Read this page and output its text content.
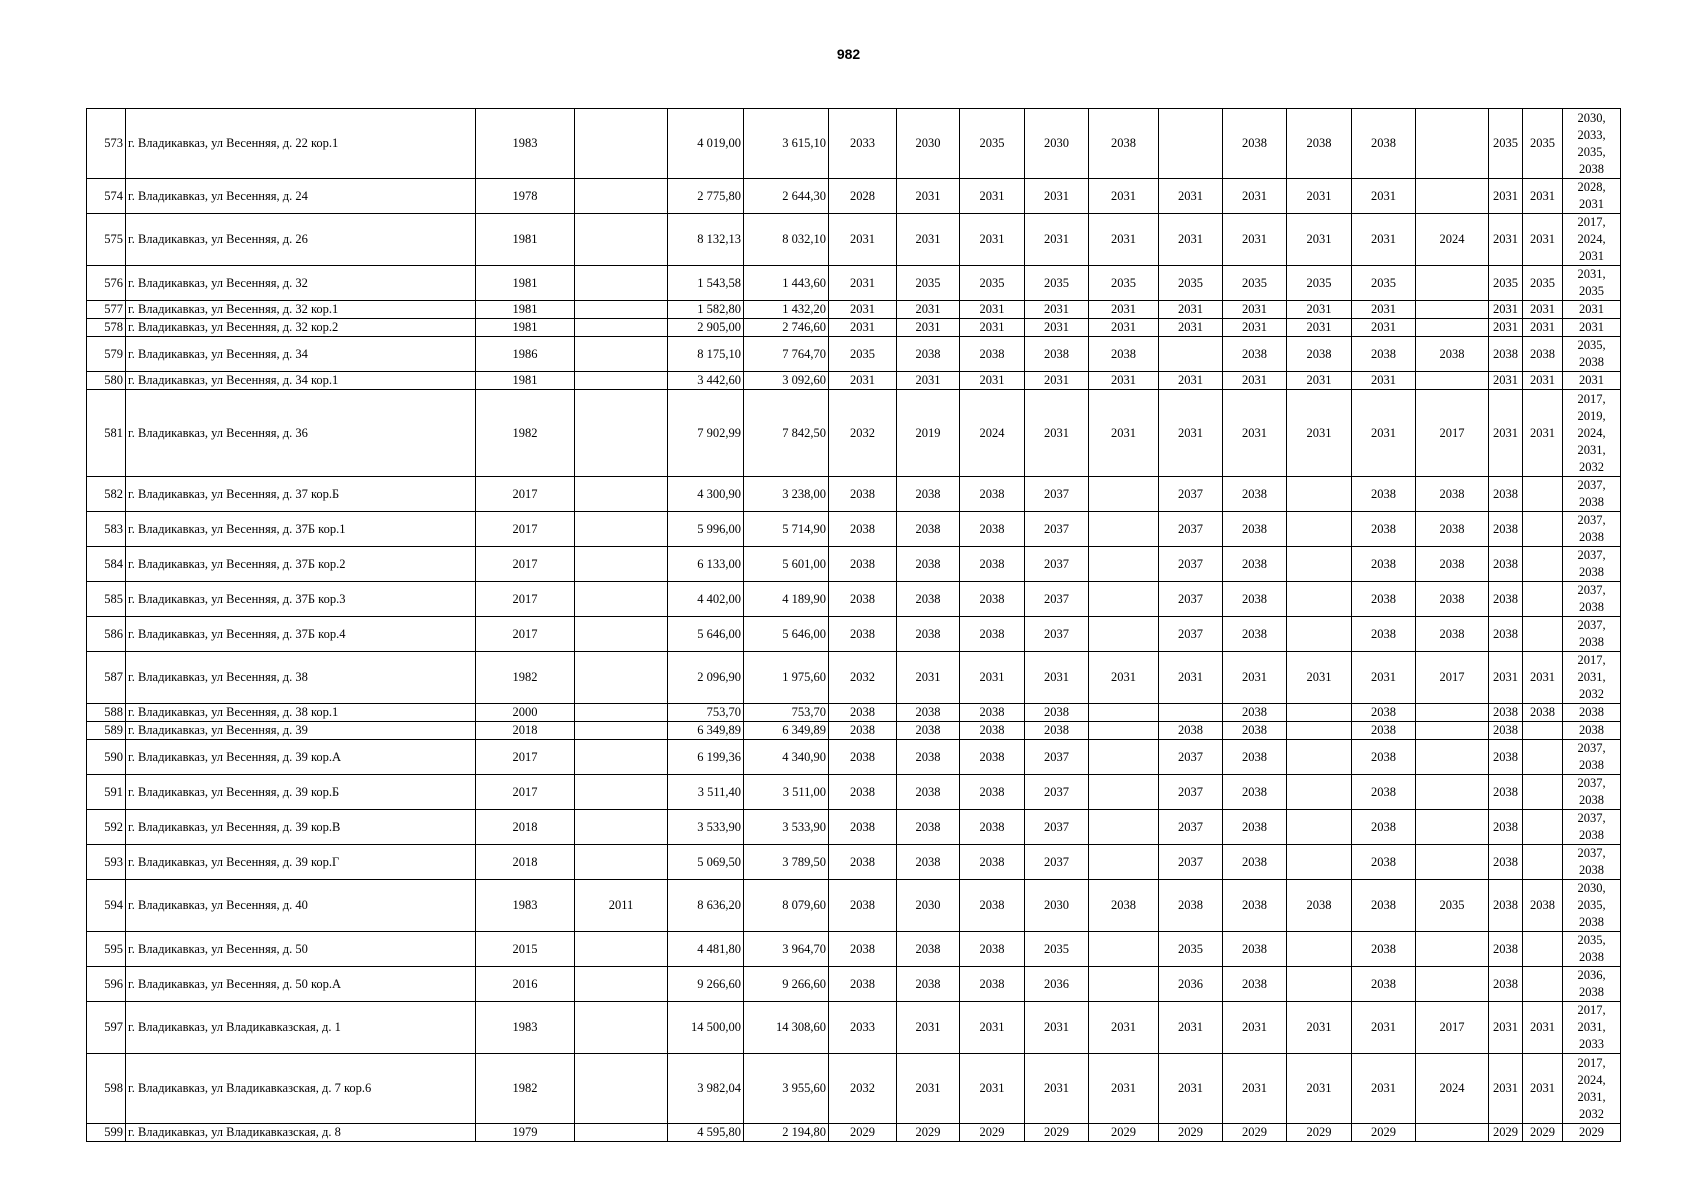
982
573	г. Владикавказ, ул Весенняя, д. 22 кор.1	1983		4 019,00	3 615,10	2033	2030	2035	2030	2038		2038	2038	2038		2035	2035	2030, 2033, 2035, 2038
574	г. Владикавказ, ул Весенняя, д. 24	1978		2 775,80	2 644,30	2028	2031	2031	2031	2031	2031	2031	2031	2031		2031	2031	2028, 2031
575	г. Владикавказ, ул Весенняя, д. 26	1981		8 132,13	8 032,10	2031	2031	2031	2031	2031	2031	2031	2031	2031	2024	2031	2031	2017, 2024, 2031
576	г. Владикавказ, ул Весенняя, д. 32	1981		1 543,58	1 443,60	2031	2035	2035	2035	2035	2035	2035	2035	2035		2035	2035	2031, 2035
577	г. Владикавказ, ул Весенняя, д. 32 кор.1	1981		1 582,80	1 432,20	2031	2031	2031	2031	2031	2031	2031	2031	2031		2031	2031	2031
578	г. Владикавказ, ул Весенняя, д. 32 кор.2	1981		2 905,00	2 746,60	2031	2031	2031	2031	2031	2031	2031	2031	2031		2031	2031	2031
579	г. Владикавказ, ул Весенняя, д. 34	1986		8 175,10	7 764,70	2035	2038	2038	2038	2038		2038	2038	2038	2038	2038	2038	2035, 2038
580	г. Владикавказ, ул Весенняя, д. 34 кор.1	1981		3 442,60	3 092,60	2031	2031	2031	2031	2031	2031	2031	2031	2031		2031	2031	2031
581	г. Владикавказ, ул Весенняя, д. 36	1982		7 902,99	7 842,50	2032	2019	2024	2031	2031	2031	2031	2031	2031	2017	2031	2031	2017, 2019, 2024, 2031, 2032
582	г. Владикавказ, ул Весенняя, д. 37 кор.Б	2017		4 300,90	3 238,00	2038	2038	2038	2037		2037	2038		2038	2038	2038		2037, 2038
583	г. Владикавказ, ул Весенняя, д. 37Б кор.1	2017		5 996,00	5 714,90	2038	2038	2038	2037		2037	2038		2038	2038	2038		2037, 2038
584	г. Владикавказ, ул Весенняя, д. 37Б кор.2	2017		6 133,00	5 601,00	2038	2038	2038	2037		2037	2038		2038	2038	2038		2037, 2038
585	г. Владикавказ, ул Весенняя, д. 37Б кор.3	2017		4 402,00	4 189,90	2038	2038	2038	2037		2037	2038		2038	2038	2038		2037, 2038
586	г. Владикавказ, ул Весенняя, д. 37Б кор.4	2017		5 646,00	5 646,00	2038	2038	2038	2037		2037	2038		2038	2038	2038		2037, 2038
587	г. Владикавказ, ул Весенняя, д. 38	1982		2 096,90	1 975,60	2032	2031	2031	2031	2031	2031	2031	2031	2031	2017	2031	2031	2017, 2031, 2032
588	г. Владикавказ, ул Весенняя, д. 38 кор.1	2000		753,70	753,70	2038	2038	2038	2038			2038		2038		2038	2038	2038
589	г. Владикавказ, ул Весенняя, д. 39	2018		6 349,89	6 349,89	2038	2038	2038	2038		2038	2038		2038		2038		2038
590	г. Владикавказ, ул Весенняя, д. 39 кор.А	2017		6 199,36	4 340,90	2038	2038	2038	2037		2037	2038		2038		2038		2037, 2038
591	г. Владикавказ, ул Весенняя, д. 39 кор.Б	2017		3 511,40	3 511,00	2038	2038	2038	2037		2037	2038		2038		2038		2037, 2038
592	г. Владикавказ, ул Весенняя, д. 39 кор.В	2018		3 533,90	3 533,90	2038	2038	2038	2037		2037	2038		2038		2038		2037, 2038
593	г. Владикавказ, ул Весенняя, д. 39 кор.Г	2018		5 069,50	3 789,50	2038	2038	2038	2037		2037	2038		2038		2038		2037, 2038
594	г. Владикавказ, ул Весенняя, д. 40	1983	2011	8 636,20	8 079,60	2038	2030	2038	2030	2038	2038	2038	2038	2038	2035	2038	2038	2030, 2035, 2038
595	г. Владикавказ, ул Весенняя, д. 50	2015		4 481,80	3 964,70	2038	2038	2038	2035		2035	2038		2038		2038		2035, 2038
596	г. Владикавказ, ул Весенняя, д. 50 кор.А	2016		9 266,60	9 266,60	2038	2038	2038	2036		2036	2038		2038		2038		2036, 2038
597	г. Владикавказ, ул Владикавказская, д. 1	1983		14 500,00	14 308,60	2033	2031	2031	2031	2031	2031	2031	2031	2031	2017	2031	2031	2017, 2031, 2033
598	г. Владикавказ, ул Владикавказская, д. 7 кор.6	1982		3 982,04	3 955,60	2032	2031	2031	2031	2031	2031	2031	2031	2031	2024	2031	2031	2017, 2024, 2031, 2032
599	г. Владикавказ, ул Владикавказская, д. 8	1979		4 595,80	2 194,80	2029	2029	2029	2029	2029	2029	2029	2029	2029		2029	2029	2029
